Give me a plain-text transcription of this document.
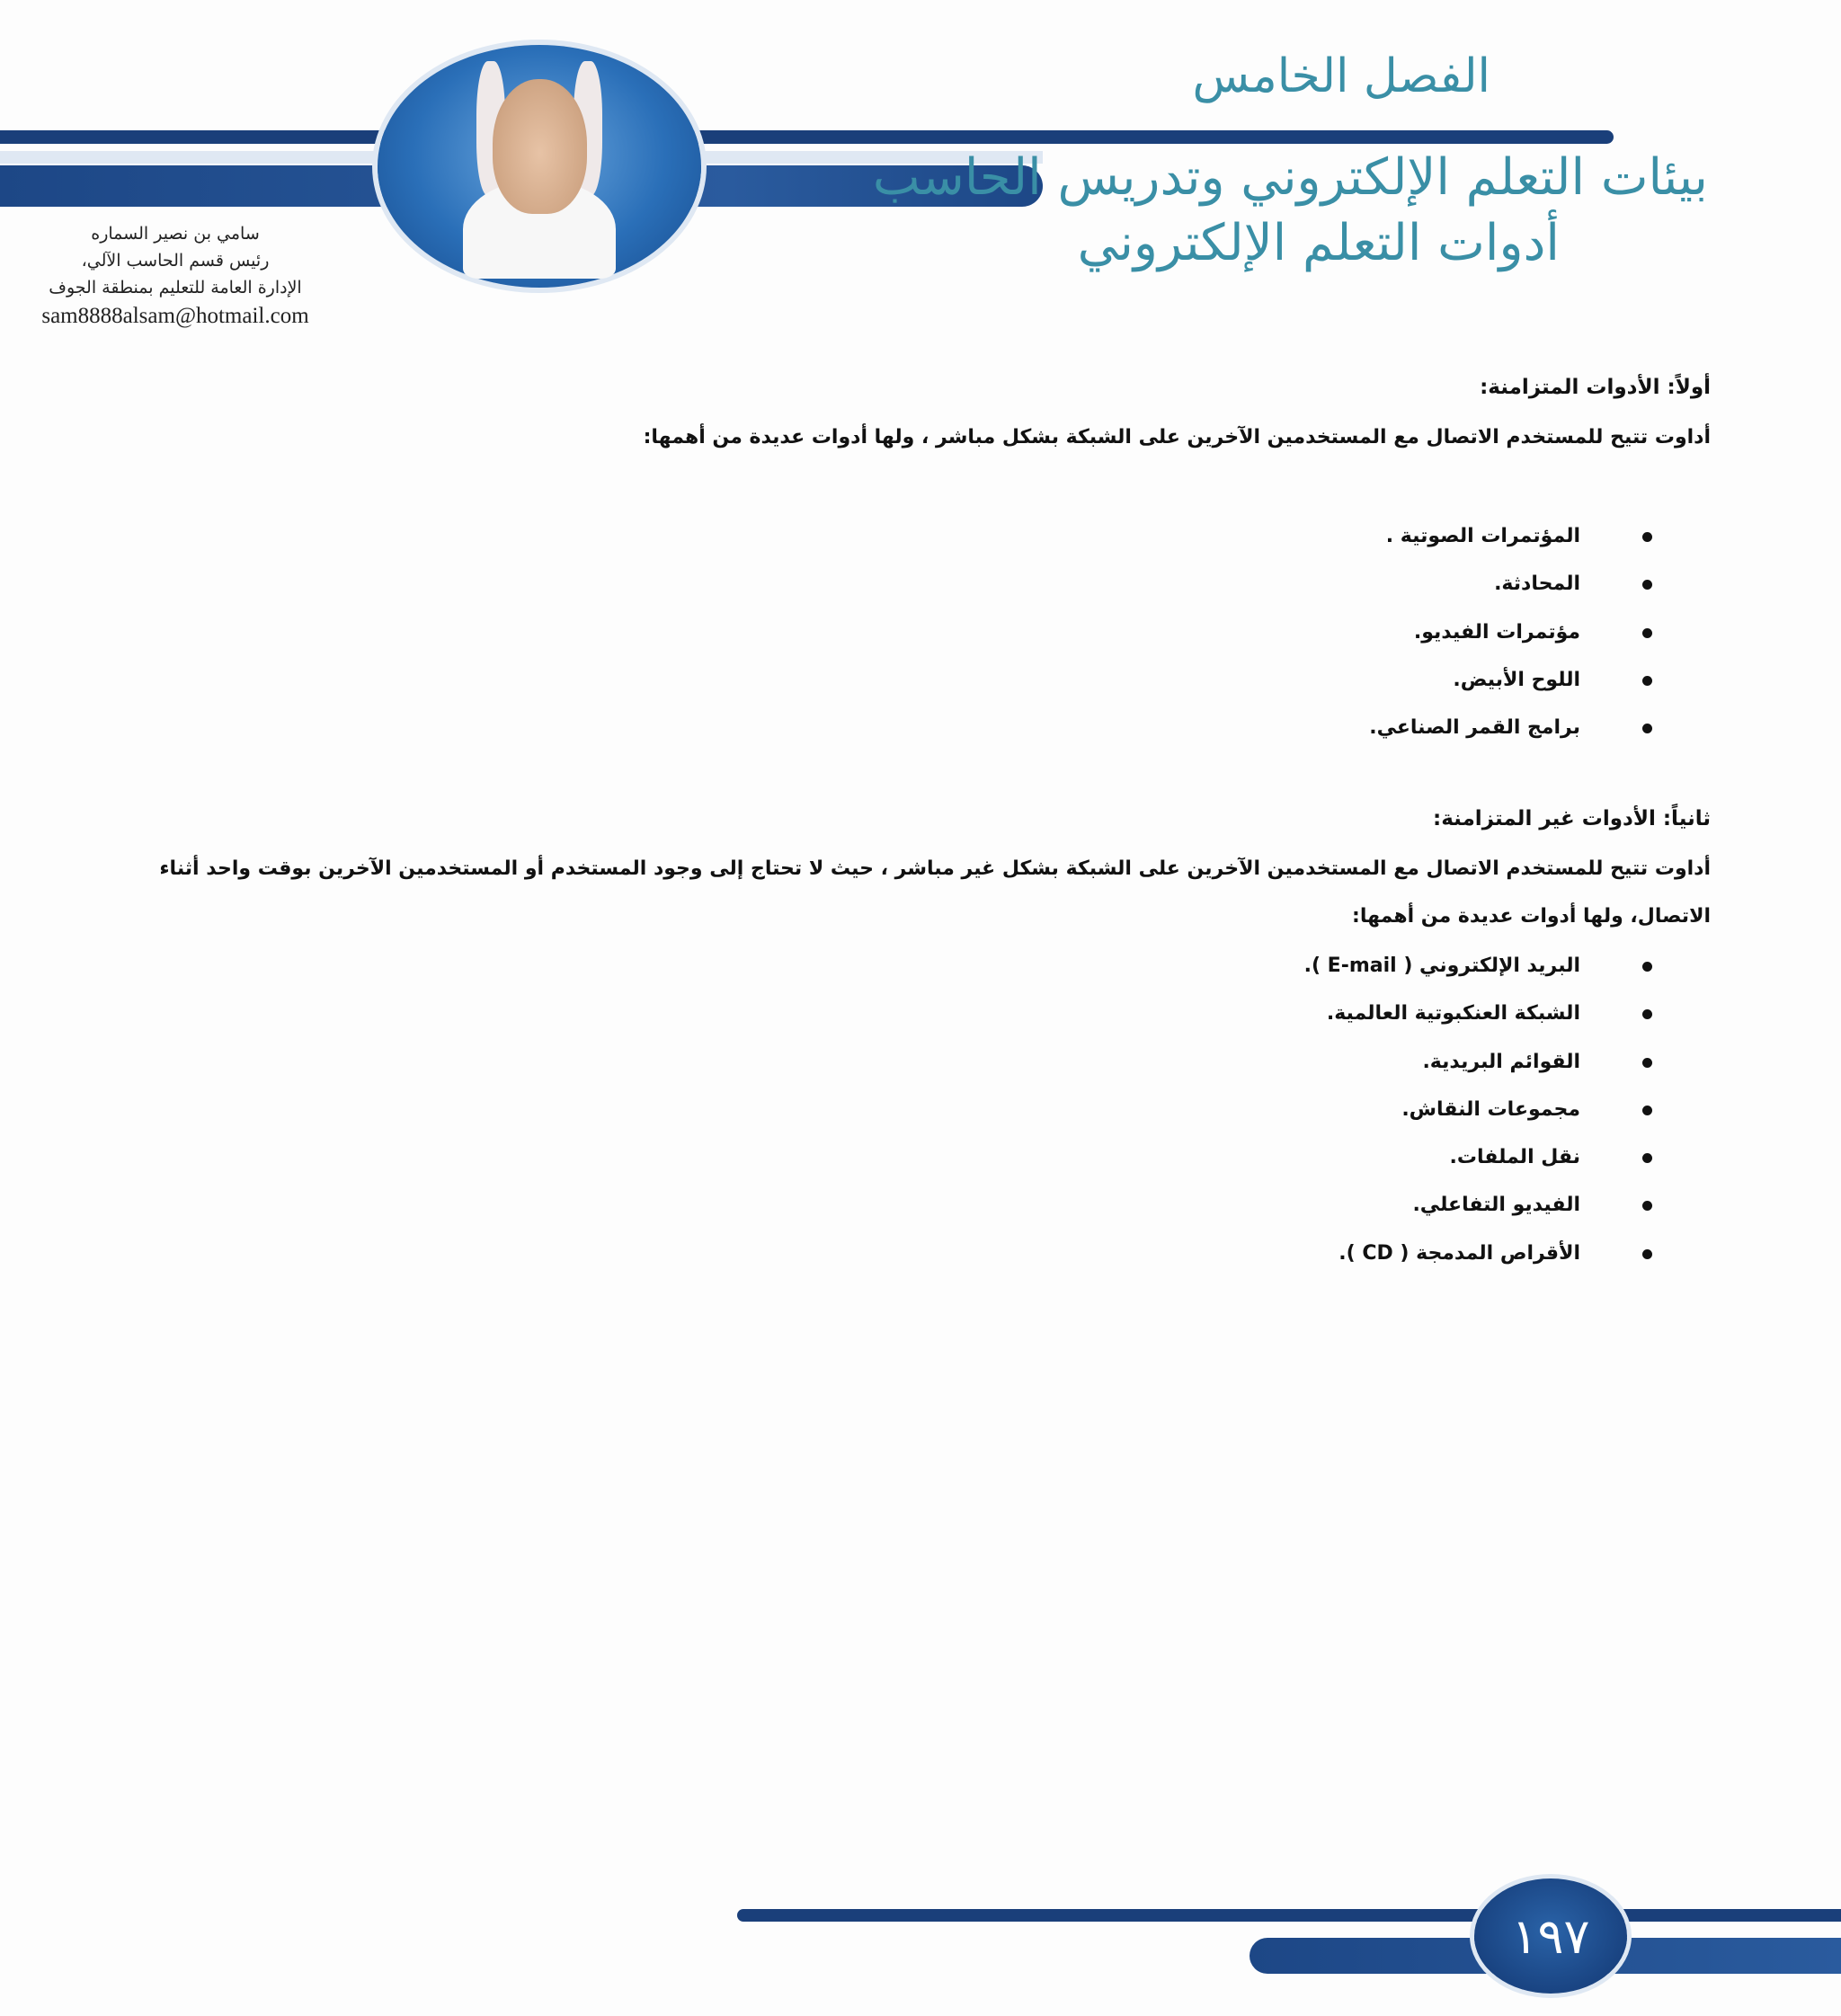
الفصل الخامس
بيئات التعلم الإلكتروني وتدريس الحاسب
أدوات التعلم الإلكتروني
سامي بن نصير السماره
رئيس قسم الحاسب الآلي،
الإدارة العامة للتعليم بمنطقة الجوف
sam8888alsam@hotmail.com
أولاً: الأدوات المتزامنة:
أداوت تتيح للمستخدم الاتصال مع المستخدمين الآخرين على الشبكة بشكل مباشر ، ولها أدوات عديدة من أهمها:
المؤتمرات الصوتية .
المحادثة.
مؤتمرات الفيديو.
اللوح الأبيض.
برامج القمر الصناعي.
ثانياً: الأدوات غير المتزامنة:
أداوت تتيح للمستخدم الاتصال مع المستخدمين الآخرين على الشبكة بشكل غير مباشر ، حيث لا تحتاج إلى وجود المستخدم أو المستخدمين الآخرين بوقت واحد أثناء
الاتصال، ولها أدوات عديدة من أهمها:
البريد الإلكتروني ( E-mail ).
الشبكة العنكبوتية العالمية.
القوائم البريدية.
مجموعات النقاش.
نقل الملفات.
الفيديو التفاعلي.
الأقراص المدمجة ( CD ).
١٩٧
